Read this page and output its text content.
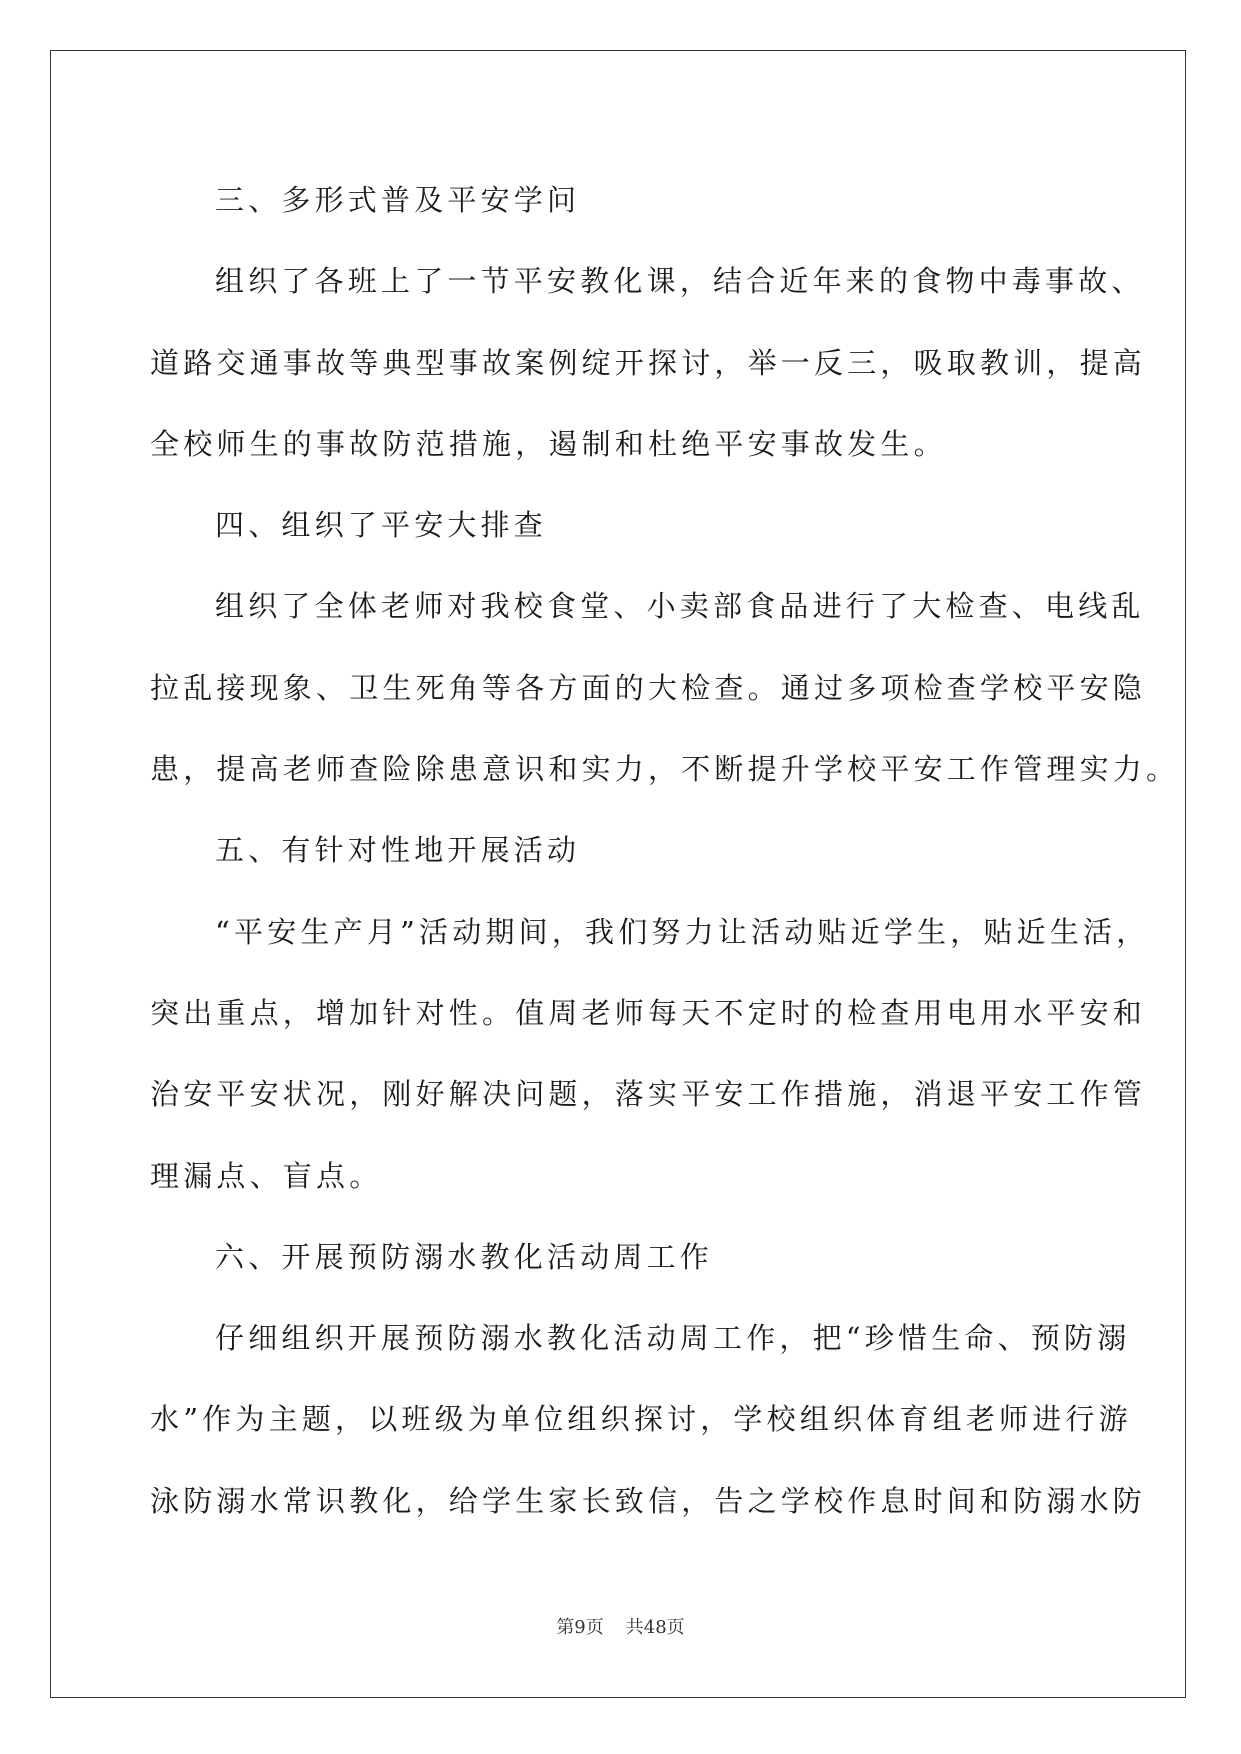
三、多形式普及平安学问
组织了各班上了一节平安教化课，结合近年来的食物中毒事故、
道路交通事故等典型事故案例绽开探讨，举一反三，吸取教训，提高
全校师生的事故防范措施，遏制和杜绝平安事故发生。
四、组织了平安大排查
组织了全体老师对我校食堂、小卖部食品进行了大检查、电线乱
拉乱接现象、卫生死角等各方面的大检查。通过多项检查学校平安隐
患，提高老师查险除患意识和实力，不断提升学校平安工作管理实力。
五、有针对性地开展活动
“平安生产月”活动期间，我们努力让活动贴近学生，贴近生活，
突出重点，增加针对性。值周老师每天不定时的检查用电用水平安和
治安平安状况，刚好解决问题，落实平安工作措施，消退平安工作管
理漏点、盲点。
六、开展预防溺水教化活动周工作
仔细组织开展预防溺水教化活动周工作，把“珍惜生命、预防溺
水”作为主题，以班级为单位组织探讨，学校组织体育组老师进行游
泳防溺水常识教化，给学生家长致信，告之学校作息时间和防溺水防
第9页 共48页
